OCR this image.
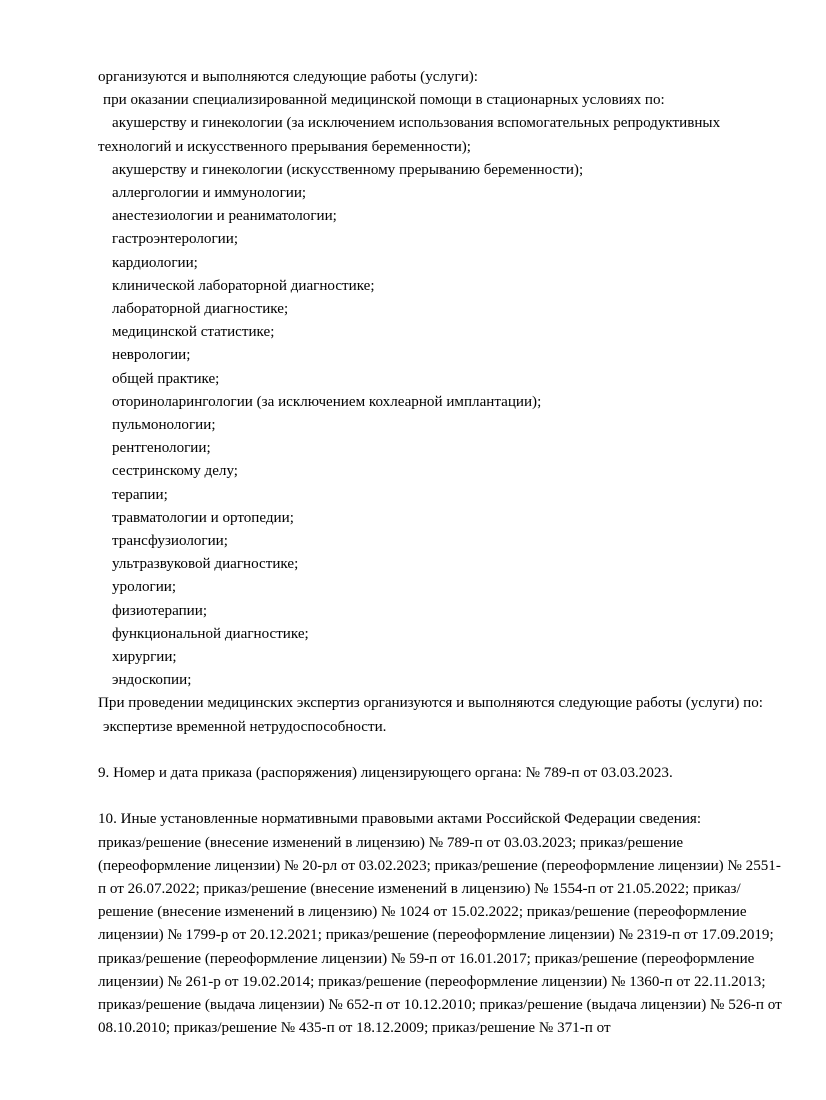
организуются и выполняются следующие работы (услуги):

при оказании специализированной медицинской помощи в стационарных условиях по:

акушерству и гинекологии (за исключением использования вспомогательных репродуктивных технологий и искусственного прерывания беременности);

акушерству и гинекологии (искусственному прерыванию беременности);

аллергологии и иммунологии;

анестезиологии и реаниматологии;

гастроэнтерологии;

кардиологии;

клинической лабораторной диагностике;

лабораторной диагностике;

медицинской статистике;

неврологии;

общей практике;

оториноларингологии (за исключением кохлеарной имплантации);

пульмонологии;

рентгенологии;

сестринскому делу;

терапии;

травматологии и ортопедии;

трансфузиологии;

ультразвуковой диагностике;

урологии;

физиотерапии;

функциональной диагностике;

хирургии;

эндоскопии;

При проведении медицинских экспертиз организуются и выполняются следующие работы (услуги) по:

экспертизе временной нетрудоспособности.

9. Номер и дата приказа (распоряжения) лицензирующего органа: № 789-п от 03.03.2023.

10. Иные установленные нормативными правовыми актами Российской Федерации сведения:

приказ/решение (внесение изменений в лицензию) № 789-п от 03.03.2023; приказ/решение (переоформление лицензии) № 20-рл от 03.02.2023; приказ/решение (переоформление лицензии) № 2551-п от 26.07.2022; приказ/решение (внесение изменений в лицензию) № 1554-п от 21.05.2022; приказ/решение (внесение изменений в лицензию) № 1024 от 15.02.2022; приказ/решение (переоформление лицензии) № 1799-р от 20.12.2021; приказ/решение (переоформление лицензии) № 2319-п от 17.09.2019; приказ/решение (переоформление лицензии) № 59-п от 16.01.2017; приказ/решение (переоформление лицензии) № 261-р от 19.02.2014; приказ/решение (переоформление лицензии) № 1360-п от 22.11.2013; приказ/решение (выдача лицензии) № 652-п от 10.12.2010; приказ/решение (выдача лицензии) № 526-п от 08.10.2010; приказ/решение № 435-п от 18.12.2009; приказ/решение № 371-п от
